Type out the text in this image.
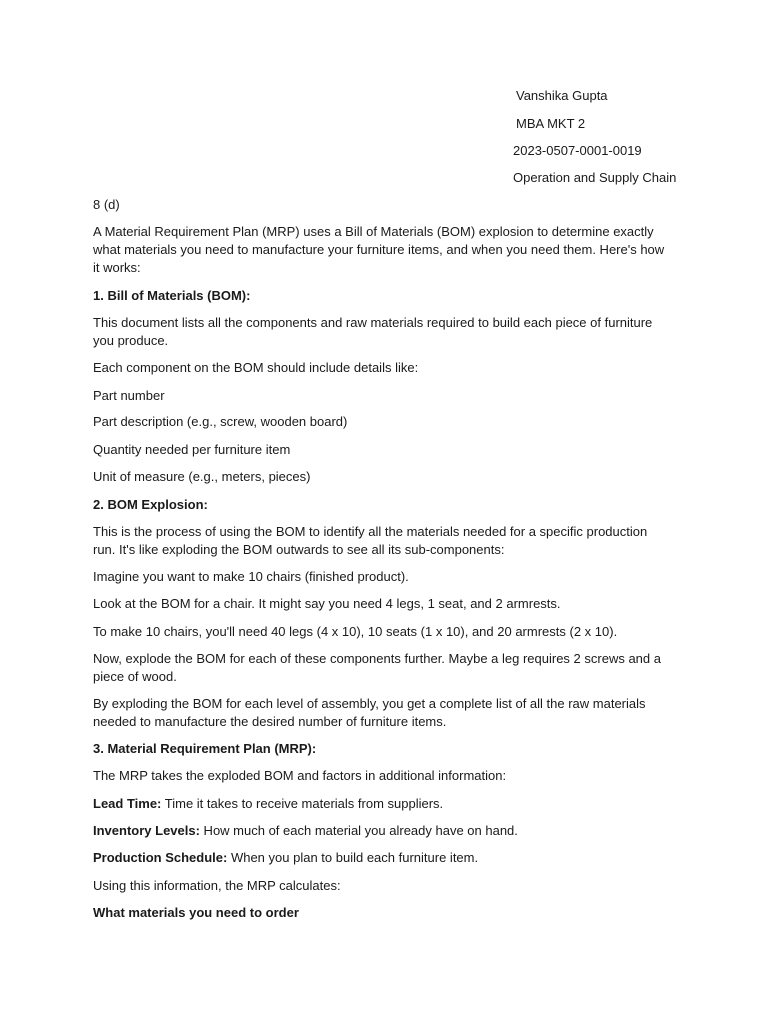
Vanshika Gupta

MBA MKT 2

2023-0507-0001-0019

Operation and Supply Chain

8 (d)

A Material Requirement Plan (MRP) uses a Bill of Materials (BOM) explosion to determine exactly

what materials you need to manufacture your furniture items, and when you need them. Here's how

it works:

1. Bill of Materials (BOM):

This document lists all the components and raw materials required to build each piece of furniture

you produce.

Each component on the BOM should include details like:

Part number

Part description (e.g., screw, wooden board)

Quantity needed per furniture item

Unit of measure (e.g., meters, pieces)

2. BOM Explosion:

This is the process of using the BOM to identify all the materials needed for a specific production

run. It's like exploding the BOM outwards to see all its sub-components:

Imagine you want to make 10 chairs (finished product).

Look at the BOM for a chair. It might say you need 4 legs, 1 seat, and 2 armrests.

To make 10 chairs, you'll need 40 legs (4 x 10), 10 seats (1 x 10), and 20 armrests (2 x 10).

Now, explode the BOM for each of these components further. Maybe a leg requires 2 screws and a

piece of wood.

By exploding the BOM for each level of assembly, you get a complete list of all the raw materials

needed to manufacture the desired number of furniture items.

3. Material Requirement Plan (MRP):

The MRP takes the exploded BOM and factors in additional information:

Lead Time: Time it takes to receive materials from suppliers.

Inventory Levels: How much of each material you already have on hand.

Production Schedule: When you plan to build each furniture item.

Using this information, the MRP calculates:

What materials you need to order
